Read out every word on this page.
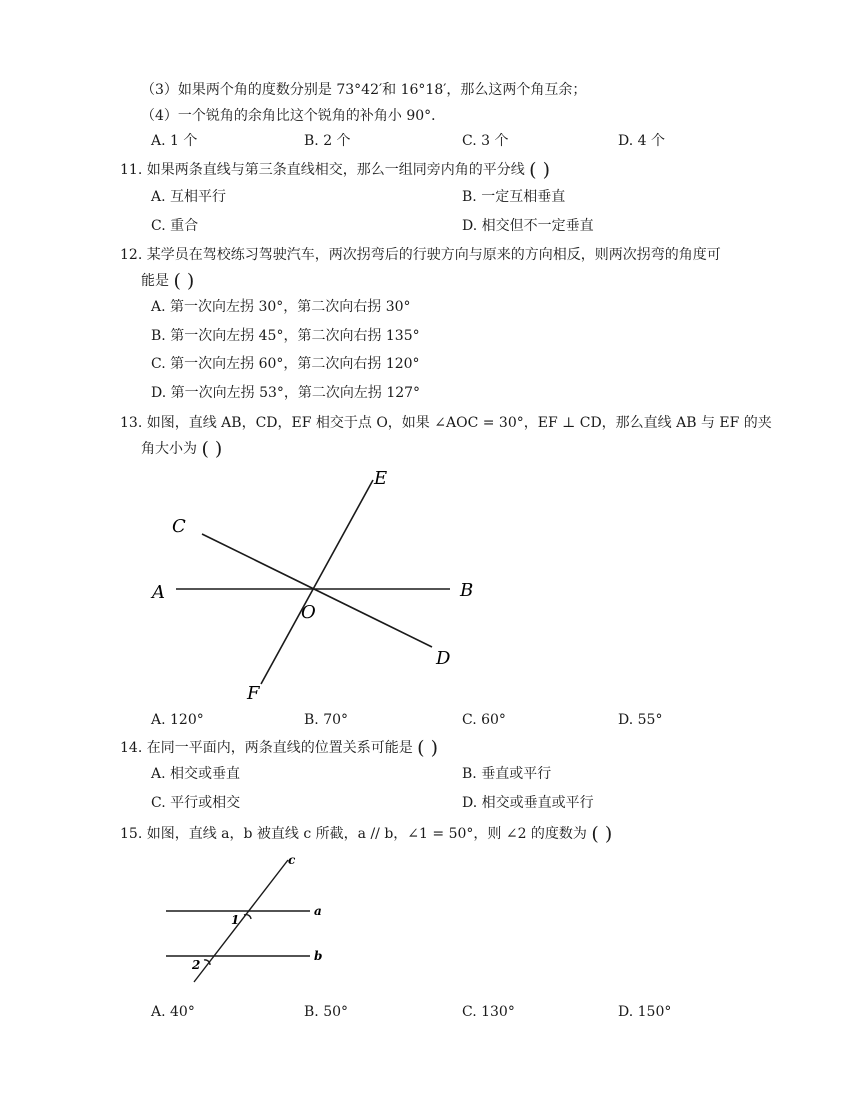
（3）如果两个角的度数分别是 73°42′和 16°18′，那么这两个角互余；
（4）一个锐角的余角比这个锐角的补角小 90°．
A. 1 个	B. 2 个	C. 3 个	D. 4 个
11. 如果两条直线与第三条直线相交，那么一组同旁内角的平分线 ( )
A. 互相平行	B. 一定互相垂直
C. 重合	D. 相交但不一定垂直
12. 某学员在驾校练习驾驶汽车，两次拐弯后的行驶方向与原来的方向相反，则两次拐弯的角度可
能是 ( )
A. 第一次向左拐 30°，第二次向右拐 30°
B. 第一次向左拐 45°，第二次向右拐 135°
C. 第一次向左拐 60°，第二次向右拐 120°
D. 第一次向左拐 53°，第二次向左拐 127°
13. 如图，直线 AB，CD，EF 相交于点 O，如果 ∠AOC = 30°，EF ⊥ CD，那么直线 AB 与 EF 的夹
角大小为 ( )
A	B
C
D
E
F
O
A. 120°	B. 70°	C. 60°	D. 55°
14. 在同一平面内，两条直线的位置关系可能是 ( )
A. 相交或垂直	B. 垂直或平行
C. 平行或相交	D. 相交或垂直或平行
15. 如图，直线 a，b 被直线 c 所截，a // b，∠1 = 50°，则 ∠2 的度数为 ( )
c
a
b
1
2
A. 40°	B. 50°	C. 130°	D. 150°
